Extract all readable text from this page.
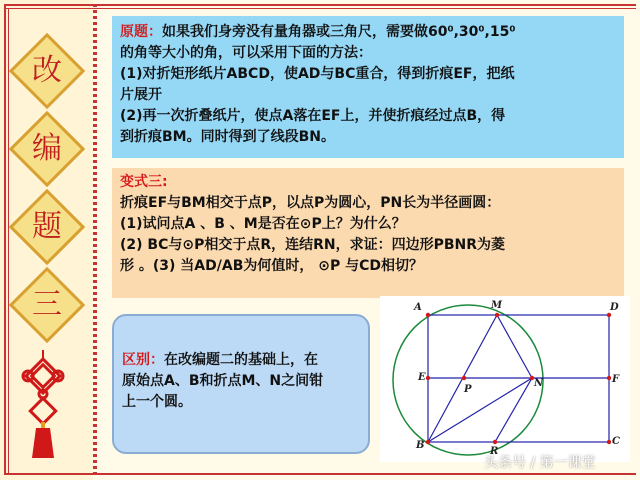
改
编
题
三
原题：如果我们身旁没有量角器或三角尺，需要做60⁰,30⁰,15⁰
的角等大小的角，可以采用下面的方法：
(1)对折矩形纸片ABCD，使AD与BC重合，得到折痕EF，把纸
片展开
(2)再一次折叠纸片，使点A落在EF上，并使折痕经过点B，得
到折痕BM。同时得到了线段BN。
变式三:
折痕EF与BM相交于点P，以点P为圆心，PN长为半径画圆：
(1)试问点A 、B 、M是否在⊙P上？为什么？
(2) BC与⊙P相交于点R，连结RN，求证：四边形PBNR为菱
形 。(3) 当AD/AB为何值时， ⊙P 与CD相切？
区别：在改编题二的基础上，在
原始点A、B和折点M、N之间钳
上一个圆。
A	M	D
E
P
N	F
B
R
C
头条号 / 第一课堂
